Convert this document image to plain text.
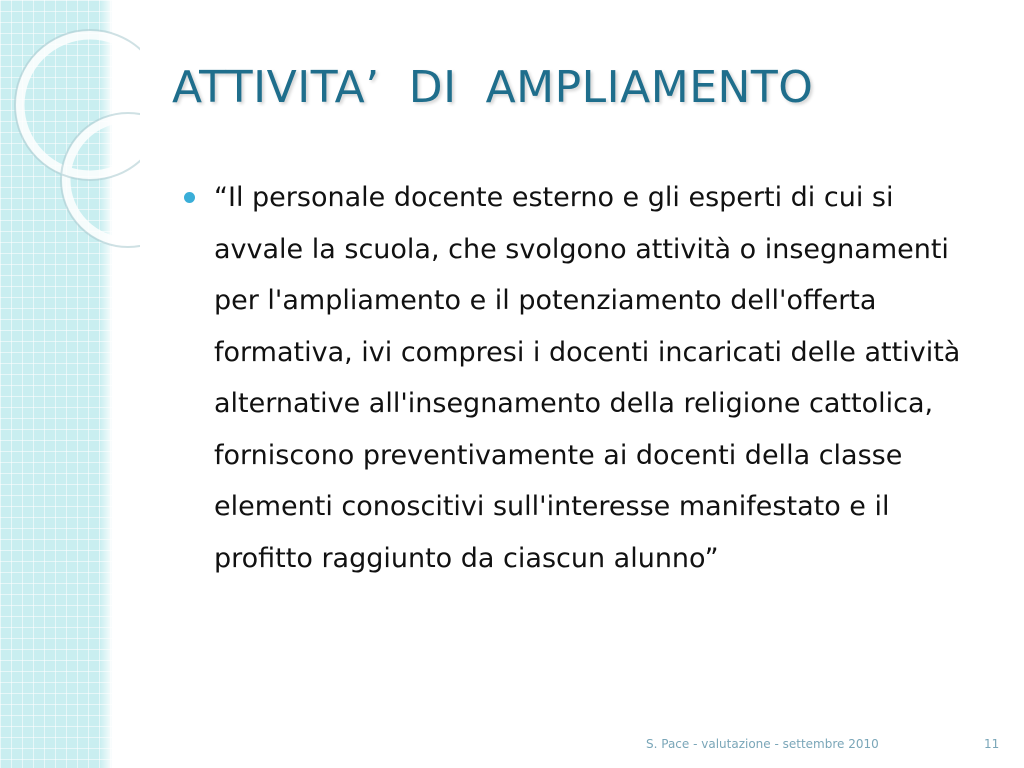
ATTIVITA’  DI  AMPLIAMENTO
“Il personale docente esterno e gli esperti di cui si avvale la scuola, che svolgono attività o insegnamenti per l'ampliamento e il potenziamento dell'offerta formativa, ivi compresi i docenti incaricati delle attività alternative all'insegnamento della religione cattolica, forniscono preventivamente ai docenti della classe elementi conoscitivi sull'interesse manifestato e il profitto raggiunto da ciascun alunno”
S. Pace - valutazione - settembre 2010	11
